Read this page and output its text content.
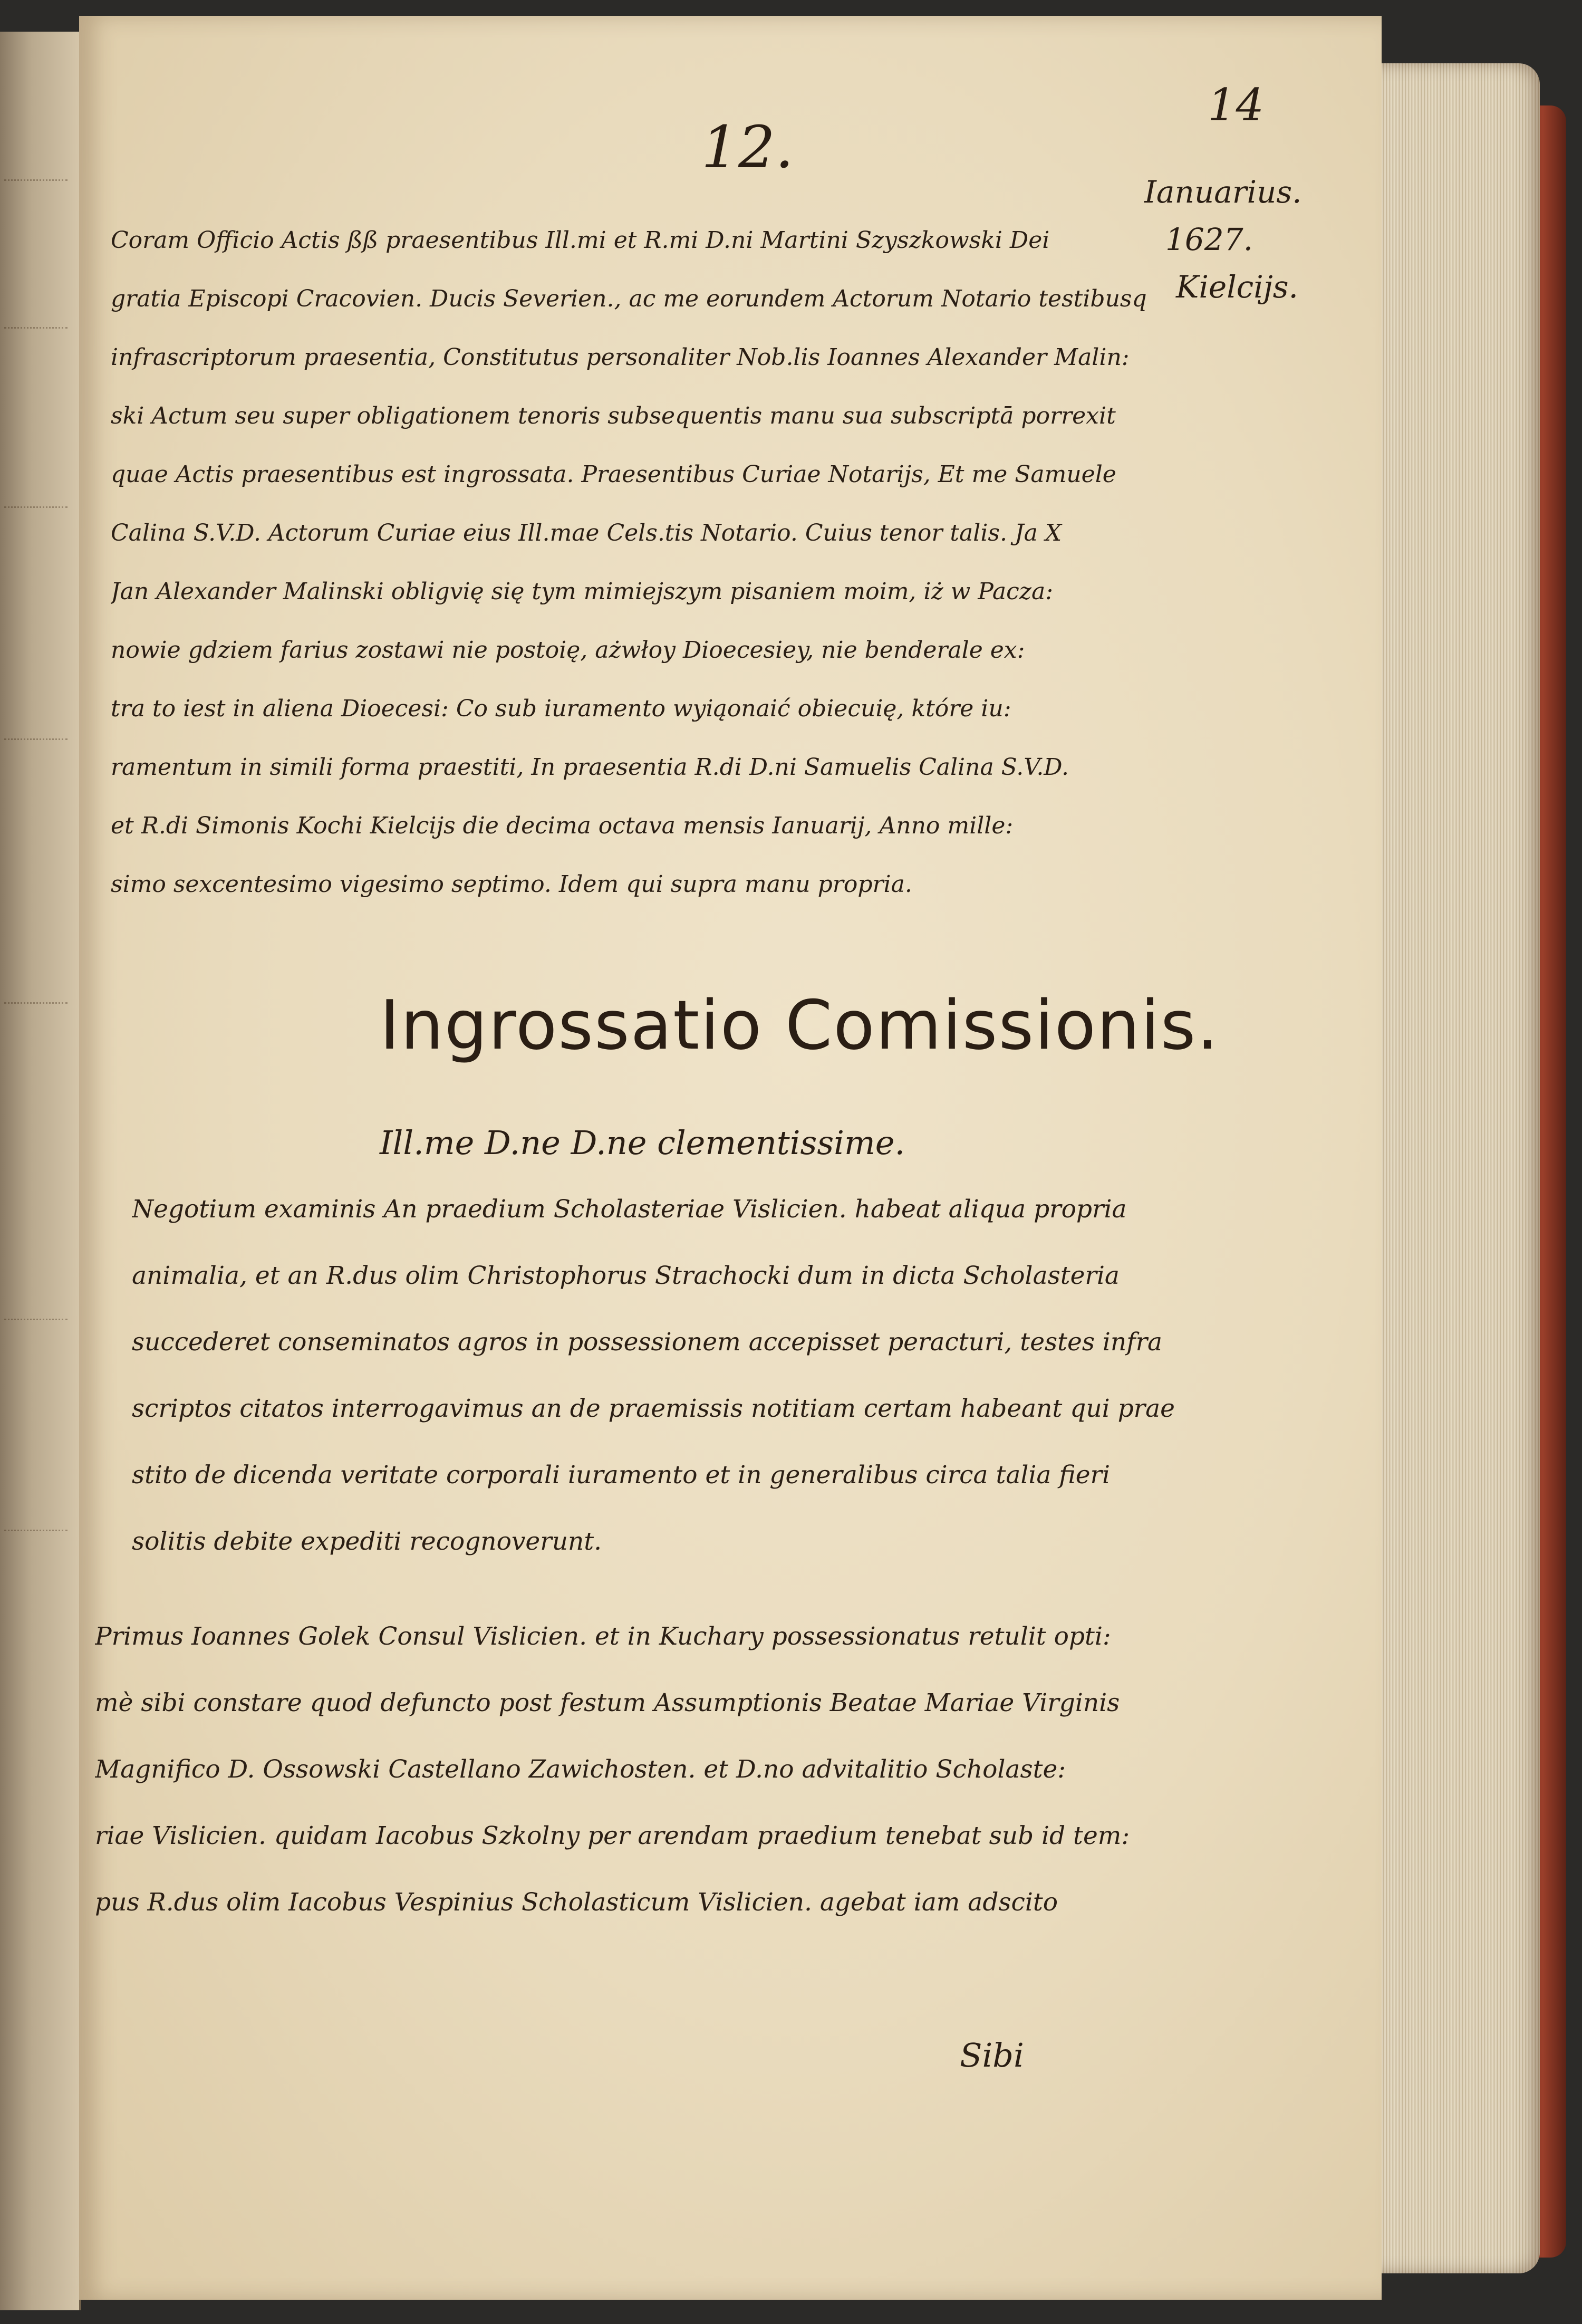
12.
14
Ianuarius.
1627.
Kielcijs.
Coram Officio Actis ßß praesentibus Ill.mi et R.mi D.ni Martini Szyszkowski Dei
gratia Episcopi Cracovien. Ducis Severien., ac me eorundem Actorum Notario testibusq
infrascriptorum praesentia, Constitutus personaliter Nob.lis Ioannes Alexander Malin:
ski Actum seu super obligationem tenoris subsequentis manu sua subscriptā porrexit
quae Actis praesentibus est ingrossata. Praesentibus Curiae Notarijs, Et me Samuele
Calina S.V.D. Actorum Curiae eius Ill.mae Cels.tis Notario. Cuius tenor talis. Ja X
Jan Alexander Malinski obligvię się tym mimiejszym pisaniem moim, iż w Pacza:
nowie gdziem farius zostawi nie postoię, ażwłoy Dioecesiey, nie benderale ex:
tra to iest in aliena Dioecesi: Co sub iuramento wyiąonaić obiecuię, które iu:
ramentum in simili forma praestiti, In praesentia R.di D.ni Samuelis Calina S.V.D.
et R.di Simonis Kochi Kielcijs die decima octava mensis Ianuarij, Anno mille:
simo sexcentesimo vigesimo septimo. Idem qui supra manu propria.
Ingrossatio Comissionis.
Ill.me D.ne D.ne clementissime.
Negotium examinis An praedium Scholasteriae Vislicien. habeat aliqua propria
animalia, et an R.dus olim Christophorus Strachocki dum in dicta Scholasteria
succederet conseminatos agros in possessionem accepisset peracturi, testes infra
scriptos citatos interrogavimus an de praemissis notitiam certam habeant qui prae
stito de dicenda veritate corporali iuramento et in generalibus circa talia fieri
solitis debite expediti recognoverunt.
Primus Ioannes Golek Consul Vislicien. et in Kuchary possessionatus retulit opti:
mè sibi constare quod defuncto post festum Assumptionis Beatae Mariae Virginis
Magnifico D. Ossowski Castellano Zawichosten. et D.no advitalitio Scholaste:
riae Vislicien. quidam Iacobus Szkolny per arendam praedium tenebat sub id tem:
pus R.dus olim Iacobus Vespinius Scholasticum Vislicien. agebat iam adscito
Sibi
